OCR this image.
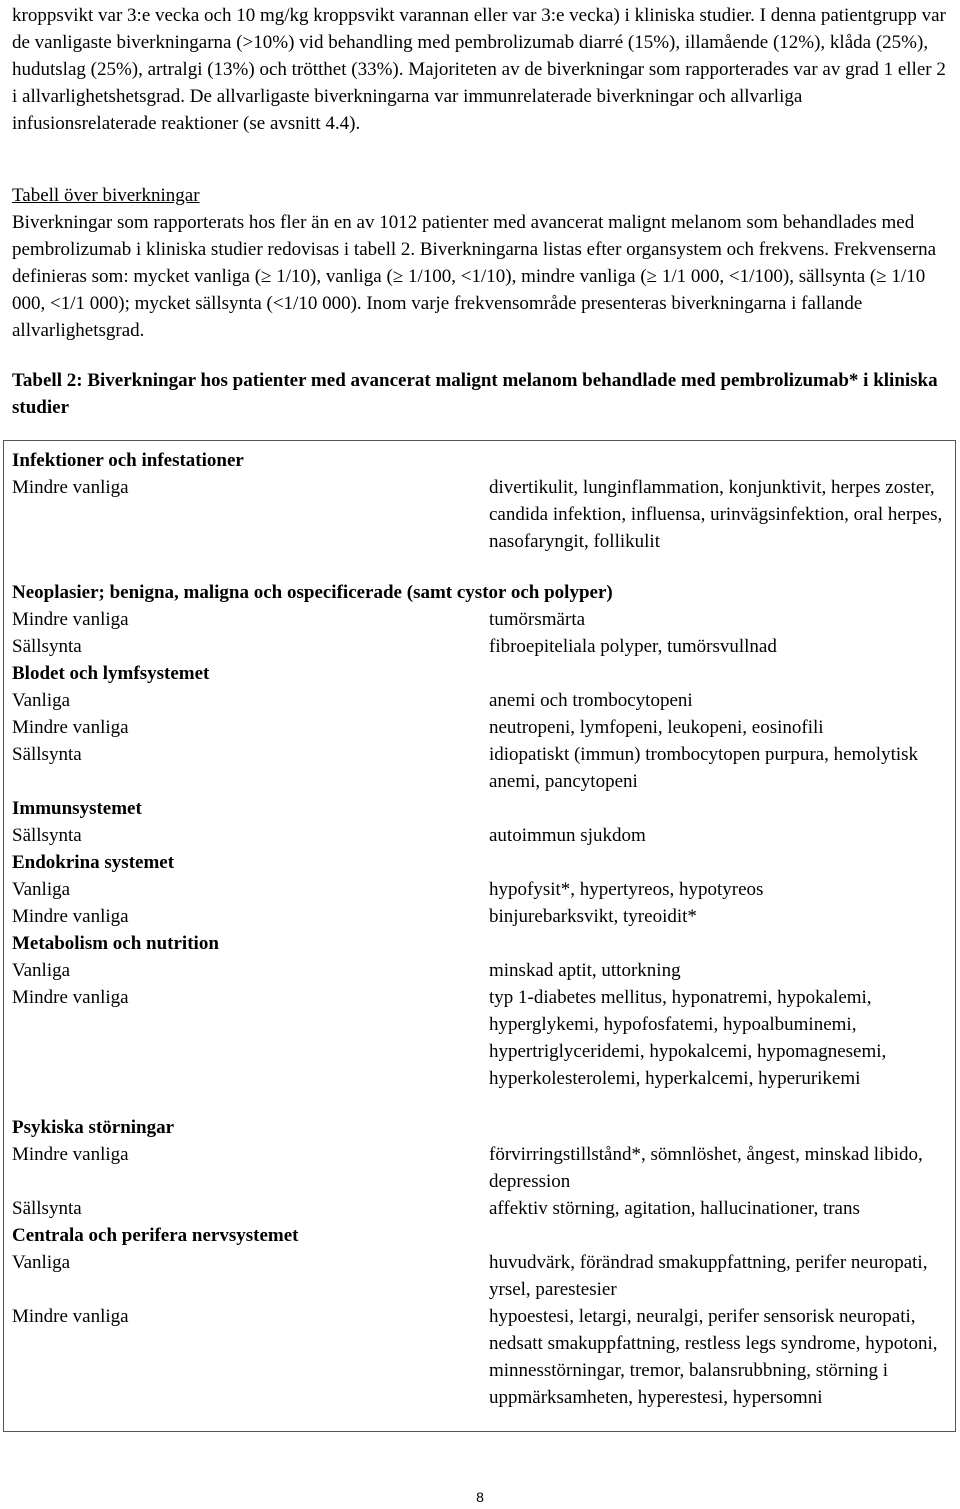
kroppsvikt var 3:e vecka och 10 mg/kg kroppsvikt varannan eller var 3:e vecka) i kliniska studier. I denna patientgrupp var de vanligaste biverkningarna (>10%) vid behandling med pembrolizumab diarré (15%), illamående (12%), klåda (25%), hudutslag (25%), artralgi (13%) och trötthet (33%). Majoriteten av de biverkningar som rapporterades var av grad 1 eller 2 i allvarlighetshetsgrad. De allvarligaste biverkningarna var immunrelaterade biverkningar och allvarliga infusionsrelaterade reaktioner (se avsnitt 4.4).

Tabell över biverkningar

Biverkningar som rapporterats hos fler än en av 1012 patienter med avancerat malignt melanom som behandlades med pembrolizumab i kliniska studier redovisas i tabell 2. Biverkningarna listas efter organsystem och frekvens. Frekvenserna definieras som: mycket vanliga (≥ 1/10), vanliga (≥ 1/100, <1/10), mindre vanliga (≥ 1/1 000, <1/100), sällsynta (≥ 1/10 000, <1/1 000); mycket sällsynta (<1/10 000). Inom varje frekvensområde presenteras biverkningarna i fallande allvarlighetsgrad.

Tabell 2: Biverkningar hos patienter med avancerat malignt melanom behandlade med pembrolizumab* i kliniska studier

Infektioner och infestationer
Mindre vanliga	divertikulit, lunginflammation, konjunktivit, herpes zoster, candida infektion, influensa, urinvägsinfektion, oral herpes, nasofaryngit, follikulit
Neoplasier; benigna, maligna och ospecificerade (samt cystor och polyper)
Mindre vanliga	tumörsmärta
Sällsynta	fibroepiteliala polyper, tumörsvullnad
Blodet och lymfsystemet
Vanliga	anemi och trombocytopeni
Mindre vanliga	neutropeni, lymfopeni, leukopeni, eosinofili
Sällsynta	idiopatiskt (immun) trombocytopen purpura, hemolytisk anemi, pancytopeni
Immunsystemet
Sällsynta	autoimmun sjukdom
Endokrina systemet
Vanliga	hypofysit*, hypertyreos, hypotyreos
Mindre vanliga	binjurebarksvikt, tyreoidit*
Metabolism och nutrition
Vanliga	minskad aptit, uttorkning
Mindre vanliga	typ 1-diabetes mellitus, hyponatremi, hypokalemi, hyperglykemi, hypofosfatemi, hypoalbuminemi, hypertriglyceridemi, hypokalcemi, hypomagnesemi, hyperkolesterolemi, hyperkalcemi, hyperurikemi
Psykiska störningar
Mindre vanliga	förvirringstillstånd*, sömnlöshet, ångest, minskad libido, depression
Sällsynta	affektiv störning, agitation, hallucinationer, trans
Centrala och perifera nervsystemet
Vanliga	huvudvärk, förändrad smakuppfattning, perifer neuropati, yrsel, parestesier
Mindre vanliga	hypoestesi, letargi, neuralgi, perifer sensorisk neuropati, nedsatt smakuppfattning, restless legs syndrome, hypotoni, minnesstörningar, tremor, balansrubbning, störning i uppmärksamheten, hyperestesi, hypersomni
8
